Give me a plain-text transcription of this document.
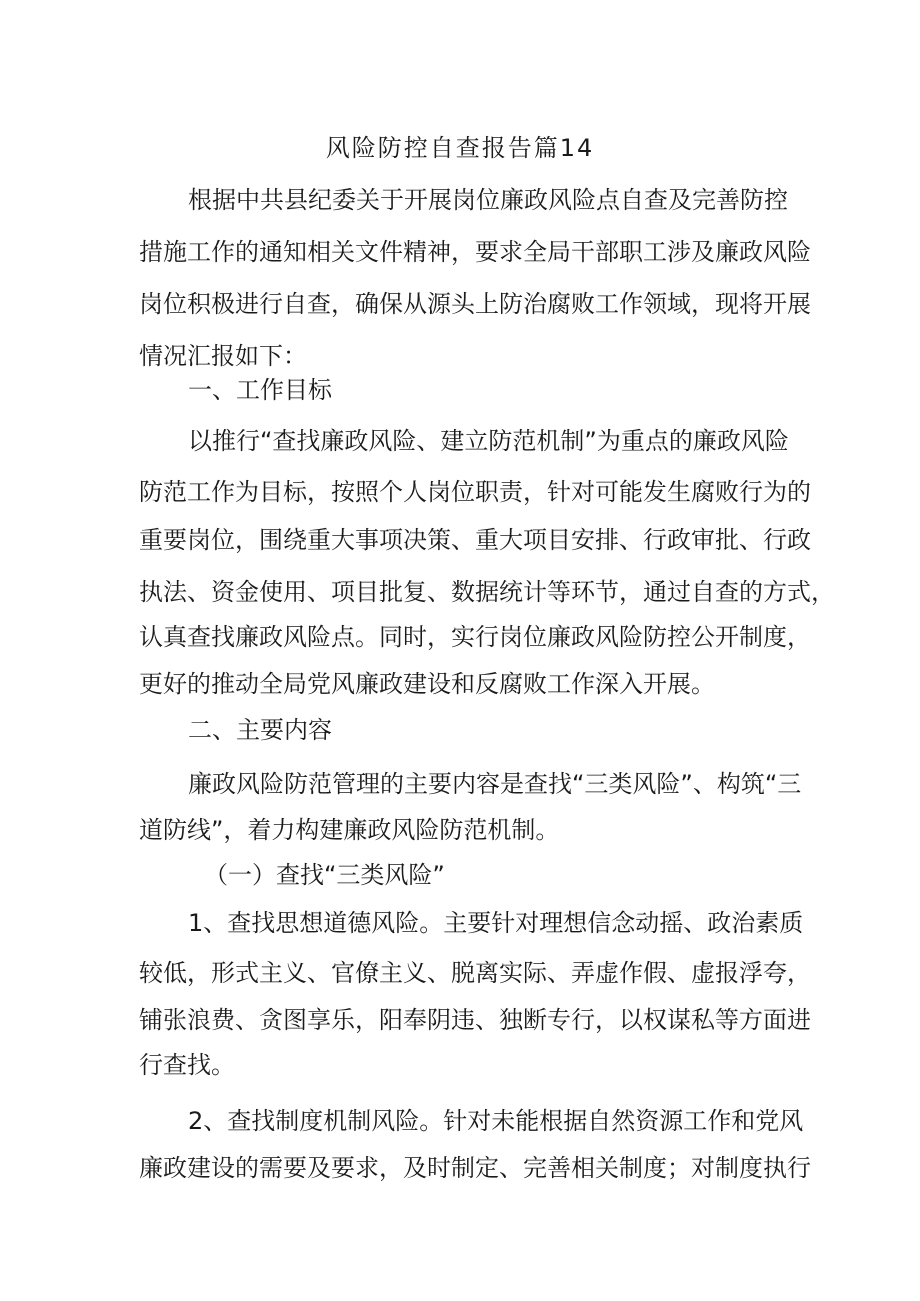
风险防控自查报告篇14
根据中共县纪委关于开展岗位廉政风险点自查及完善防控
措施工作的通知相关文件精神，要求全局干部职工涉及廉政风险
岗位积极进行自查，确保从源头上防治腐败工作领域，现将开展
情况汇报如下：
一、工作目标
以推行“查找廉政风险、建立防范机制”为重点的廉政风险
防范工作为目标，按照个人岗位职责，针对可能发生腐败行为的
重要岗位，围绕重大事项决策、重大项目安排、行政审批、行政
执法、资金使用、项目批复、数据统计等环节，通过自查的方式，
认真查找廉政风险点。同时，实行岗位廉政风险防控公开制度，
更好的推动全局党风廉政建设和反腐败工作深入开展。
二、主要内容
廉政风险防范管理的主要内容是查找“三类风险”、构筑“三
道防线”，着力构建廉政风险防范机制。
（一）查找“三类风险”
1、查找思想道德风险。主要针对理想信念动摇、政治素质
较低，形式主义、官僚主义、脱离实际、弄虚作假、虚报浮夸，
铺张浪费、贪图享乐，阳奉阴违、独断专行，以权谋私等方面进
行查找。
2、查找制度机制风险。针对未能根据自然资源工作和党风
廉政建设的需要及要求，及时制定、完善相关制度；对制度执行
